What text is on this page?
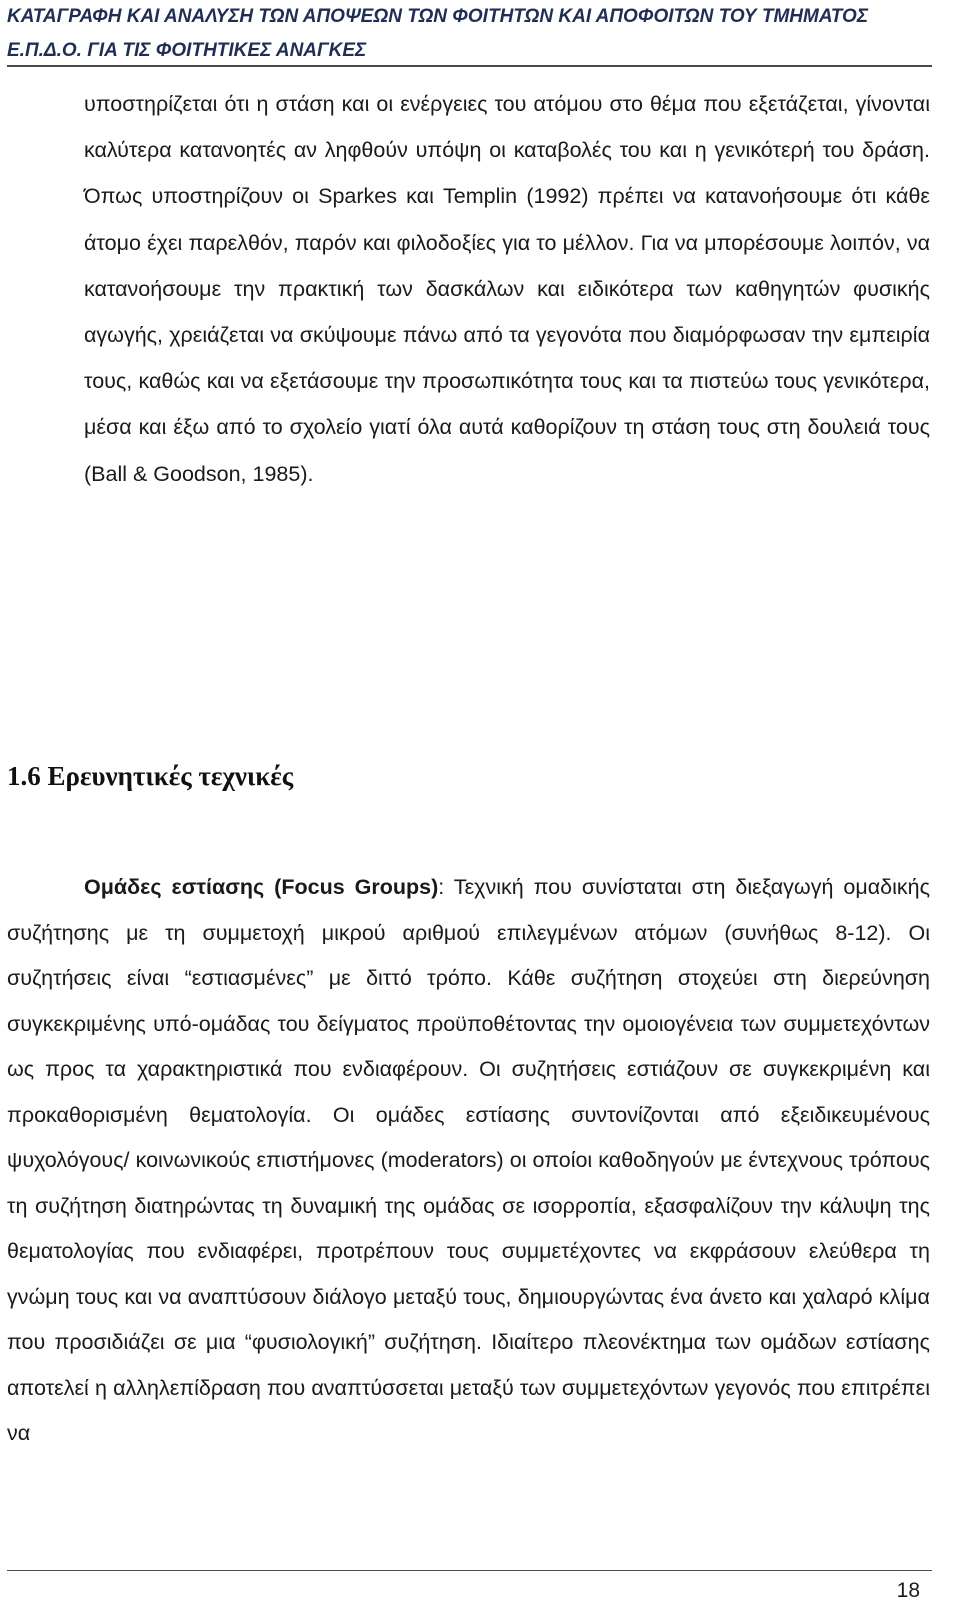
ΚΑΤΑΓΡΑΦΗ ΚΑΙ ΑΝΑΛΥΣΗ ΤΩΝ ΑΠΟΨΕΩΝ ΤΩΝ ΦΟΙΤΗΤΩΝ ΚΑΙ ΑΠΟΦΟΙΤΩΝ ΤΟΥ ΤΜΗΜΑΤΟΣ
Ε.Π.Δ.Ο. ΓΙΑ ΤΙΣ ΦΟΙΤΗΤΙΚΕΣ ΑΝΑΓΚΕΣ

υποστηρίζεται ότι η στάση και οι ενέργειες του ατόμου στο θέμα που εξετάζεται, γίνονται καλύτερα κατανοητές αν ληφθούν υπόψη οι καταβολές του και η γενικότερή του δράση. Όπως υποστηρίζουν οι Sparkes και Templin (1992) πρέπει να κατανοήσουμε ότι κάθε άτομο έχει παρελθόν, παρόν και φιλοδοξίες για το μέλλον. Για να μπορέσουμε λοιπόν, να κατανοήσουμε την πρακτική των δασκάλων και ειδικότερα των καθηγητών φυσικής αγωγής, χρειάζεται να σκύψουμε πάνω από τα γεγονότα που διαμόρφωσαν την εμπειρία τους, καθώς και να εξετάσουμε την προσωπικότητα τους και τα πιστεύω τους γενικότερα, μέσα και έξω από το σχολείο γιατί όλα αυτά καθορίζουν τη στάση τους στη δουλειά τους (Ball & Goodson, 1985).

1.6 Ερευνητικές τεχνικές

Ομάδες εστίασης (Focus Groups): Τεχνική που συνίσταται στη διεξαγωγή ομαδικής συζήτησης με τη συμμετοχή μικρού αριθμού επιλεγμένων ατόμων (συνήθως 8-12). Οι συζητήσεις είναι “εστιασμένες” με διττό τρόπο. Κάθε συζήτηση στοχεύει στη διερεύνηση συγκεκριμένης υπό-ομάδας του δείγματος προϋποθέτοντας την ομοιογένεια των συμμετεχόντων ως προς τα χαρακτηριστικά που ενδιαφέρουν. Οι συζητήσεις εστιάζουν σε συγκεκριμένη και προκαθορισμένη θεματολογία. Οι ομάδες εστίασης συντονίζονται από εξειδικευμένους ψυχολόγους/ κοινωνικούς επιστήμονες (moderators) οι οποίοι καθοδηγούν με έντεχνους τρόπους τη συζήτηση διατηρώντας τη δυναμική της ομάδας σε ισορροπία, εξασφαλίζουν την κάλυψη της θεματολογίας που ενδιαφέρει, προτρέπουν τους συμμετέχοντες να εκφράσουν ελεύθερα τη γνώμη τους και να αναπτύσουν διάλογο μεταξύ τους, δημιουργώντας ένα άνετο και χαλαρό κλίμα που προσιδιάζει σε μια “φυσιολογική” συζήτηση. Ιδιαίτερο πλεονέκτημα των ομάδων εστίασης αποτελεί η αλληλεπίδραση που αναπτύσσεται μεταξύ των συμμετεχόντων γεγονός που επιτρέπει να

18
